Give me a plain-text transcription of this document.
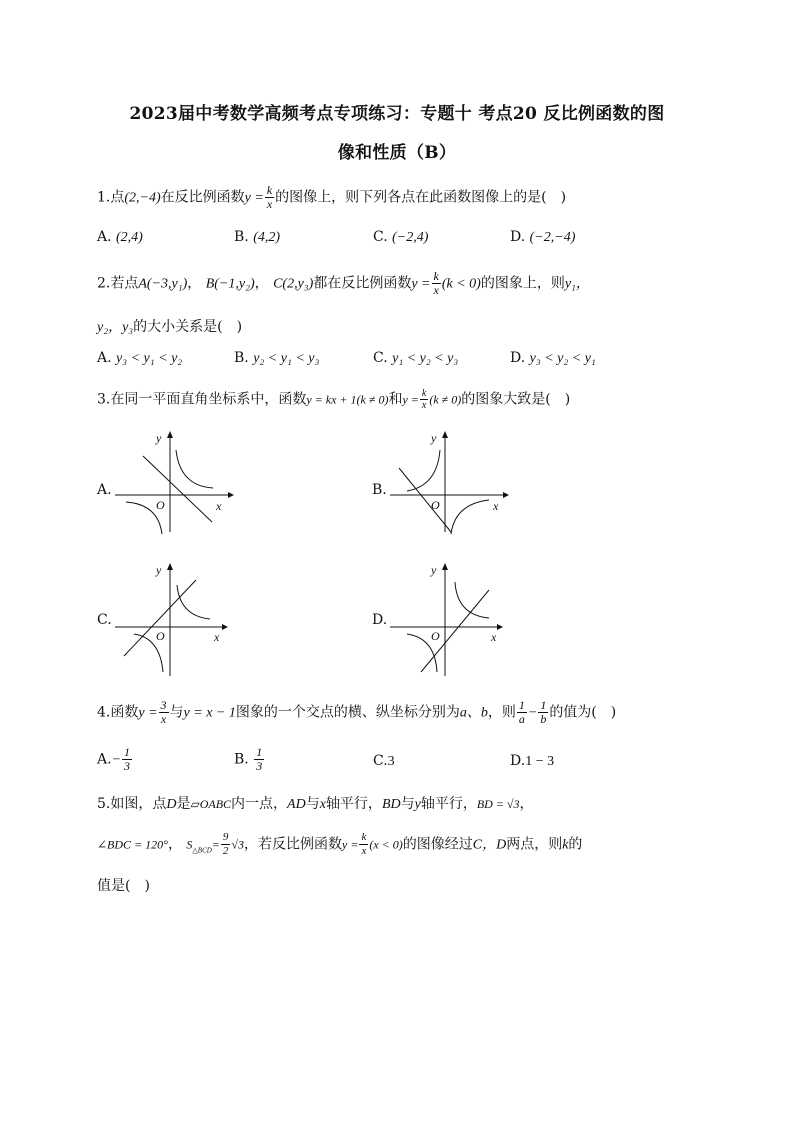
2023届中考数学高频考点专项练习：专题十 考点20 反比例函数的图
像和性质（B）
1.点(2,−4)在反比例函数$y = \frac{k}{x}$ 的图像上，则下列各点在此函数图像上的是(　)
A. (2,4)	B. (4,2)	C. (−2,4)	D. (−2,−4)
2.若点A(−3,y₁)， B(−1,y₂)， C(2,y₃)都在反比例函数$y = \frac{k}{x} (k < 0)$的图象上，则y₁，
y₂，y₃的大小关系是(　)
A. y₃ < y₁ < y₂	B. y₂ < y₁ < y₃	C. y₁ < y₂ < y₃	D. y₃ < y₂ < y₁
3.在同一平面直角坐标系中，函数y = kx + 1(k ≠ 0)和$y = \frac{k}{x} (k \ne 0)$的图象大致是(　)
A.	B.
C.	D.
x
y
O	x
y
O
x
y
O	x
y
O
4.函数$y = \frac{3}{x}$ 与y = x − 1图象的一个交点的横、纵坐标分别为a、b，则 $\frac{1}{a} - \frac{1}{b}$ 的值为(　)
$A.- \frac{1}{3}$	B. $\frac{1}{3}$	C.3	D.1 − 3
5.如图，点D是▱OABC内一点，AD与x轴平行，BD与y轴平行，BD = √3，
∠BDC = 120°， $S_{\triangle BCD}= \frac{9}{2} √3$，若反比例函数$y = \frac{k}{x} (x < 0)$的图像经过C，D两点，则k的
值是(　)
